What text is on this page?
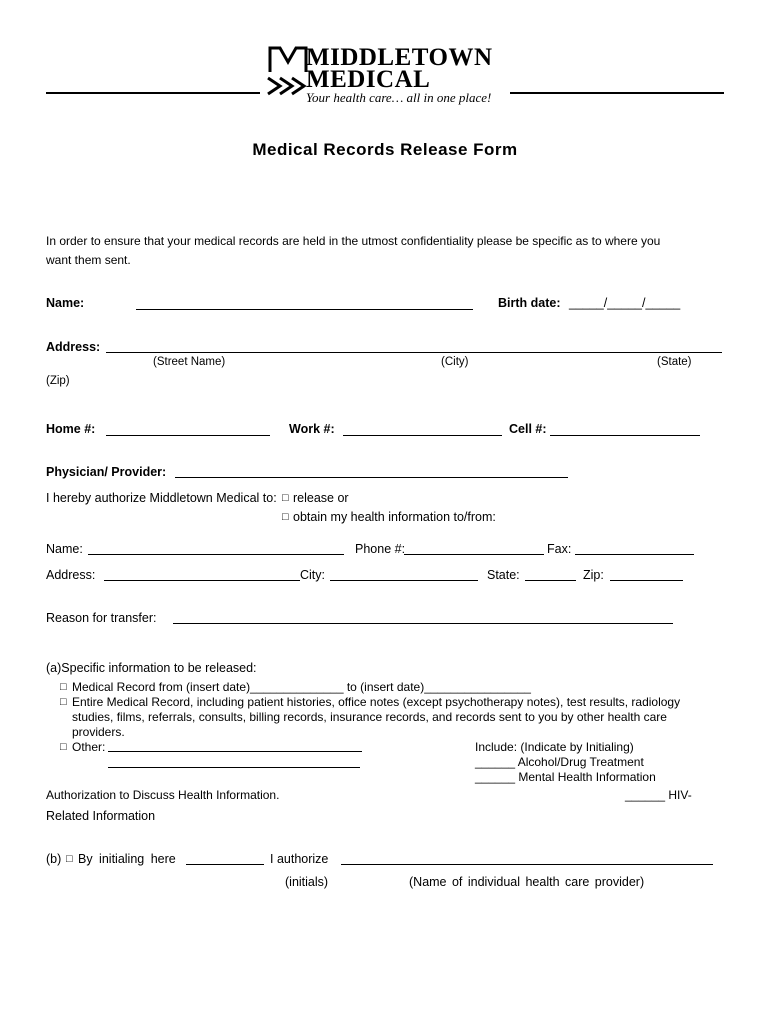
MIDDLETOWN
MEDICAL
Your health care… all in one place!
Medical Records Release Form
In order to ensure that your medical records are held in the utmost confidentiality please be specific as to where you
want them sent.
Name:	Birth date: _____/_____/_____
Address:
(Street Name)	(City)	(State)
(Zip)
Home #:	Work #:	Cell #:
Physician/ Provider:
I hereby authorize Middletown Medical to: □ release or
□ obtain my health information to/from:
Name:	Phone #:	Fax:
Address:	City:	State:	Zip:
Reason for transfer:
(a)Specific information to be released:
□ Medical Record from (insert date)______________ to (insert date)________________
□ Entire Medical Record, including patient histories, office notes (except psychotherapy notes), test results, radiology
studies, films, referrals, consults, billing records, insurance records, and records sent to you by other health care
providers.
□ Other:	Include: (Indicate by Initialing)
______ Alcohol/Drug Treatment
______ Mental Health Information
Authorization to Discuss Health Information.	______ HIV-
Related Information
(b) □ By initialing here	I authorize
(initials)	(Name of individual health care provider)
